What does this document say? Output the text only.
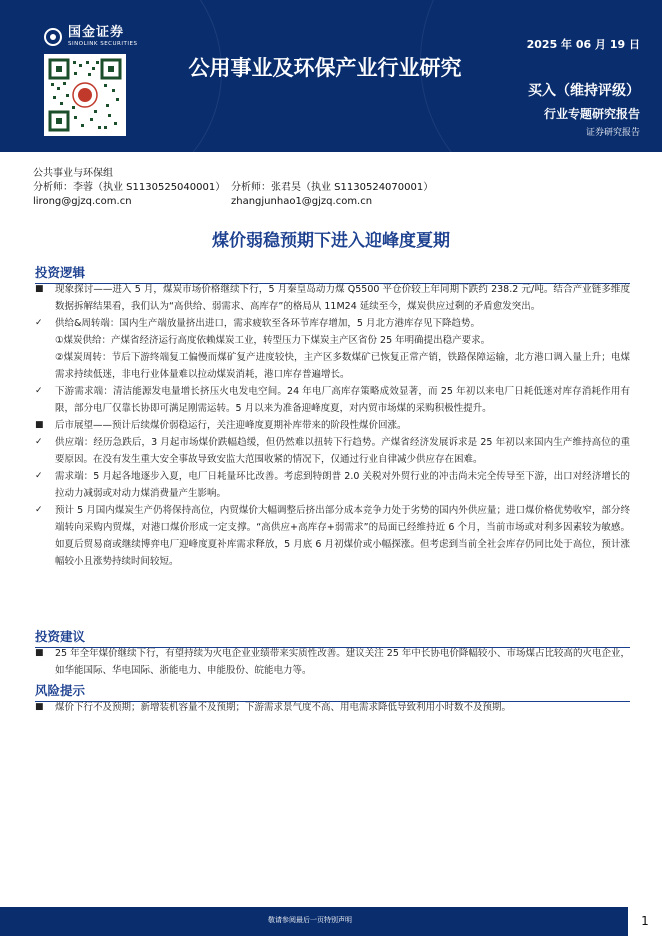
国金证券
SINOLINK SECURITIES
公用事业及环保产业行业研究
2025 年 06 月 19 日
买入（维持评级）
行业专题研究报告
证券研究报告
公共事业与环保组
分析师：李蓉（执业 S1130525040001） 分析师：张君昊（执业 S1130524070001）
lirong@gjzq.com.cn	zhangjunhao1@gjzq.com.cn
煤价弱稳预期下进入迎峰度夏期
投资逻辑
■	现象探讨——进入 5 月，煤炭市场价格继续下行，5 月秦皇岛动力煤 Q5500 平仓价较上年同期下跌约 238.2 元/吨。结合产业链多维度数据拆解结果看，我们认为“高供给、弱需求、高库存”的格局从 11M24 延续至今，煤炭供应过剩的矛盾愈发突出。
✓	供给&周转端：国内生产端放量挤出进口，需求疲软至各环节库存增加，5 月北方港库存见下降趋势。
①煤炭供给：产煤省经济运行高度依赖煤炭工业，转型压力下煤炭主产区省份 25 年明确提出稳产要求。
②煤炭周转：节后下游终端复工偏慢而煤矿复产进度较快，主产区多数煤矿已恢复正常产销，铁路保障运输，北方港口调入量上升；电煤需求持续低迷，非电行业体量难以拉动煤炭消耗，港口库存普遍增长。
✓	下游需求端：清洁能源发电量增长挤压火电发电空间。24 年电厂高库存策略成效显著，而 25 年初以来电厂日耗低迷对库存消耗作用有限，部分电厂仅靠长协即可满足刚需运转。5 月以来为准备迎峰度夏，对内贸市场煤的采购积极性提升。
■	后市展望——预计后续煤价弱稳运行，关注迎峰度夏期补库带来的阶段性煤价回涨。
✓	供应端：经历急跌后，3 月起市场煤价跌幅趋缓，但仍然难以扭转下行趋势。产煤省经济发展诉求是 25 年初以来国内生产维持高位的重要原因。在没有发生重大安全事故导致安监大范围收紧的情况下，仅通过行业自律减少供应存在困难。
✓	需求端：5 月起各地逐步入夏，电厂日耗量环比改善。考虑到特朗普 2.0 关税对外贸行业的冲击尚未完全传导至下游，出口对经济增长的拉动力减弱或对动力煤消费量产生影响。
✓	预计 5 月国内煤炭生产仍将保持高位，内贸煤价大幅调整后挤出部分成本竞争力处于劣势的国内外供应量；进口煤价格优势收窄，部分终端转向采购内贸煤，对港口煤价形成一定支撑。“高供应+高库存+弱需求”的局面已经维持近 6 个月，当前市场或对利多因素较为敏感。如夏后贸易商或继续博弈电厂迎峰度夏补库需求释放，5 月底 6 月初煤价或小幅探涨。但考虑到当前全社会库存仍同比处于高位，预计涨幅较小且涨势持续时间较短。
投资建议
■	25 年全年煤价继续下行，有望持续为火电企业业绩带来实质性改善。建议关注 25 年中长协电价降幅较小、市场煤占比较高的火电企业，如华能国际、华电国际、浙能电力、申能股份、皖能电力等。
风险提示
■	煤价下行不及预期；新增装机容量不及预期；下游需求景气度不高、用电需求降低导致利用小时数不及预期。
敬请参阅最后一页特别声明	1
